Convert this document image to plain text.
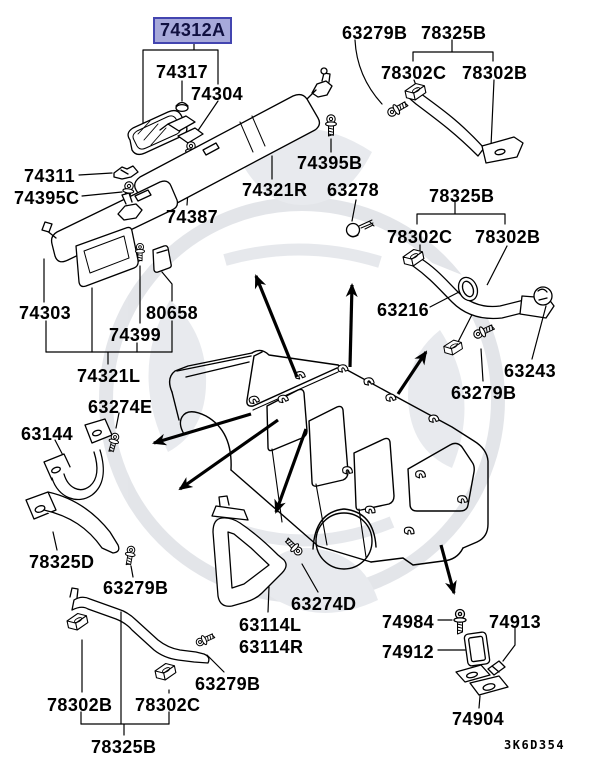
74312A
74317
74304
63279B 78325B
78302C 78302B
74311
74395C
74387
74395B
74321R 63278	78325B
78302C 78302B
63216
63243
63279B
74303	80658
74399
74321L
63274E
63144
78325D
63279B
78302B 78302C
78325B
63279B
63114L
63114R
63274D
74984
74912
74913
74904
3K6D354
